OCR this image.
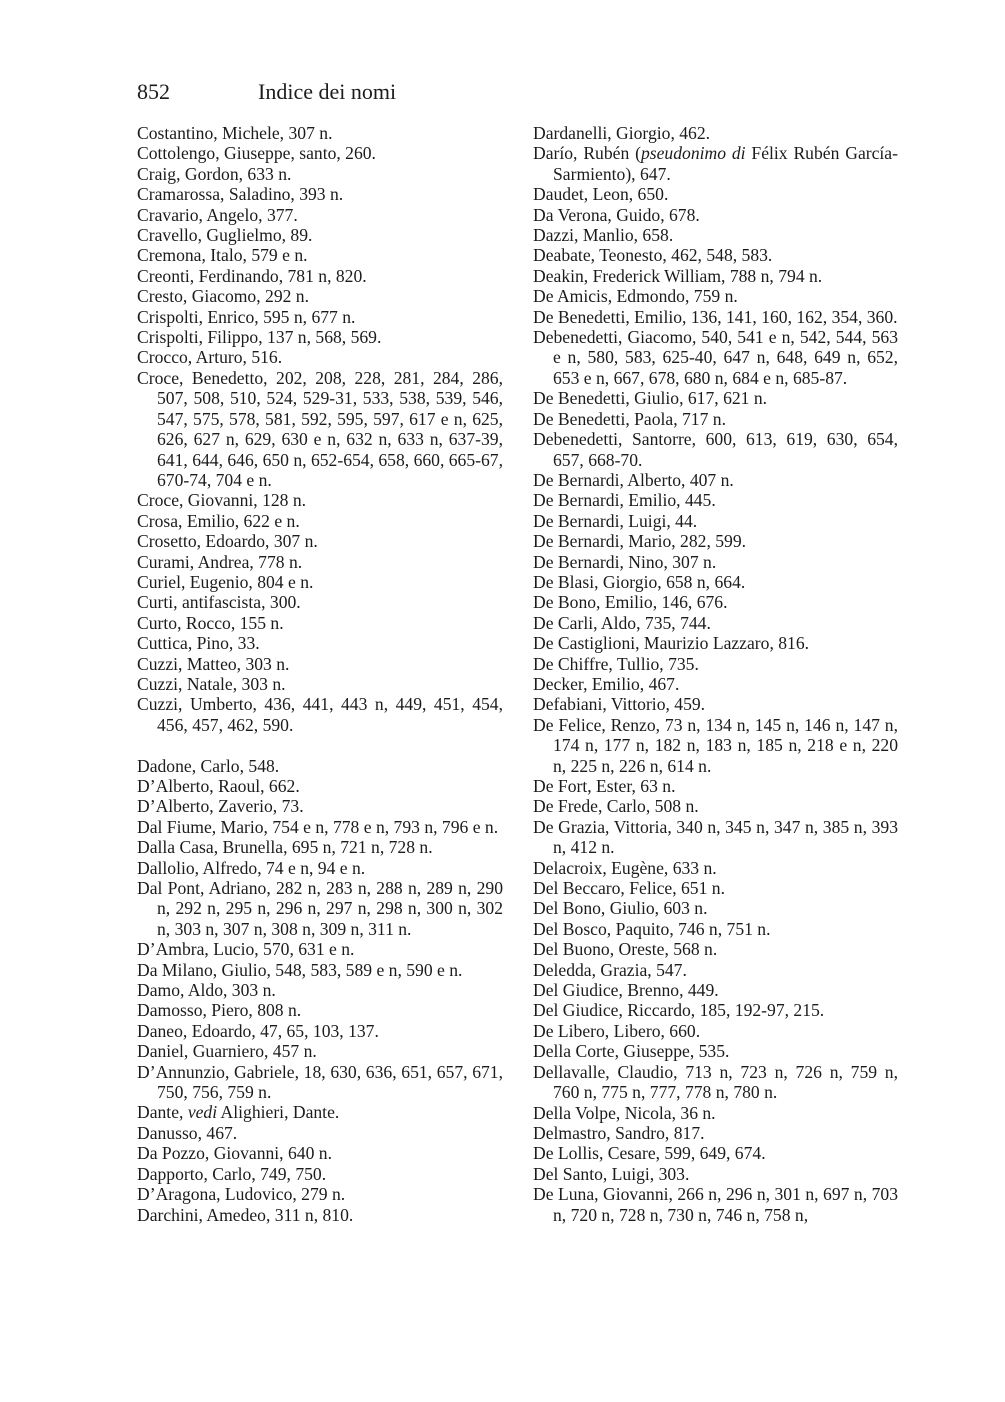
852	Indice dei nomi

Costantino, Michele, 307 n.

Cottolengo, Giuseppe, santo, 260.

Craig, Gordon, 633 n.

Cramarossa, Saladino, 393 n.

Cravario, Angelo, 377.

Cravello, Guglielmo, 89.

Cremona, Italo, 579 e n.

Creonti, Ferdinando, 781 n, 820.

Cresto, Giacomo, 292 n.

Crispolti, Enrico, 595 n, 677 n.

Crispolti, Filippo, 137 n, 568, 569.

Crocco, Arturo, 516.

Croce, Benedetto, 202, 208, 228, 281, 284, 286, 507, 508, 510, 524, 529-31, 533, 538, 539, 546, 547, 575, 578, 581, 592, 595, 597, 617 e n, 625, 626, 627 n, 629, 630 e n, 632 n, 633 n, 637-39, 641, 644, 646, 650 n, 652-654, 658, 660, 665-67, 670-74, 704 e n.

Croce, Giovanni, 128 n.

Crosa, Emilio, 622 e n.

Crosetto, Edoardo, 307 n.

Curami, Andrea, 778 n.

Curiel, Eugenio, 804 e n.

Curti, antifascista, 300.

Curto, Rocco, 155 n.

Cuttica, Pino, 33.

Cuzzi, Matteo, 303 n.

Cuzzi, Natale, 303 n.

Cuzzi, Umberto, 436, 441, 443 n, 449, 451, 454, 456, 457, 462, 590.

Dadone, Carlo, 548.

D’Alberto, Raoul, 662.

D’Alberto, Zaverio, 73.

Dal Fiume, Mario, 754 e n, 778 e n, 793 n, 796 e n.

Dalla Casa, Brunella, 695 n, 721 n, 728 n.

Dallolio, Alfredo, 74 e n, 94 e n.

Dal Pont, Adriano, 282 n, 283 n, 288 n, 289 n, 290 n, 292 n, 295 n, 296 n, 297 n, 298 n, 300 n, 302 n, 303 n, 307 n, 308 n, 309 n, 311 n.

D’Ambra, Lucio, 570, 631 e n.

Da Milano, Giulio, 548, 583, 589 e n, 590 e n.

Damo, Aldo, 303 n.

Damosso, Piero, 808 n.

Daneo, Edoardo, 47, 65, 103, 137.

Daniel, Guarniero, 457 n.

D’Annunzio, Gabriele, 18, 630, 636, 651, 657, 671, 750, 756, 759 n.

Dante, vedi Alighieri, Dante.

Danusso, 467.

Da Pozzo, Giovanni, 640 n.

Dapporto, Carlo, 749, 750.

D’Aragona, Ludovico, 279 n.

Darchini, Amedeo, 311 n, 810.

Dardanelli, Giorgio, 462.

Darío, Rubén (pseudonimo di Félix Rubén García-Sarmiento), 647.

Daudet, Leon, 650.

Da Verona, Guido, 678.

Dazzi, Manlio, 658.

Deabate, Teonesto, 462, 548, 583.

Deakin, Frederick William, 788 n, 794 n.

De Amicis, Edmondo, 759 n.

De Benedetti, Emilio, 136, 141, 160, 162, 354, 360.

Debenedetti, Giacomo, 540, 541 e n, 542, 544, 563 e n, 580, 583, 625-40, 647 n, 648, 649 n, 652, 653 e n, 667, 678, 680 n, 684 e n, 685-87.

De Benedetti, Giulio, 617, 621 n.

De Benedetti, Paola, 717 n.

Debenedetti, Santorre, 600, 613, 619, 630, 654, 657, 668-70.

De Bernardi, Alberto, 407 n.

De Bernardi, Emilio, 445.

De Bernardi, Luigi, 44.

De Bernardi, Mario, 282, 599.

De Bernardi, Nino, 307 n.

De Blasi, Giorgio, 658 n, 664.

De Bono, Emilio, 146, 676.

De Carli, Aldo, 735, 744.

De Castiglioni, Maurizio Lazzaro, 816.

De Chiffre, Tullio, 735.

Decker, Emilio, 467.

Defabiani, Vittorio, 459.

De Felice, Renzo, 73 n, 134 n, 145 n, 146 n, 147 n, 174 n, 177 n, 182 n, 183 n, 185 n, 218 e n, 220 n, 225 n, 226 n, 614 n.

De Fort, Ester, 63 n.

De Frede, Carlo, 508 n.

De Grazia, Vittoria, 340 n, 345 n, 347 n, 385 n, 393 n, 412 n.

Delacroix, Eugène, 633 n.

Del Beccaro, Felice, 651 n.

Del Bono, Giulio, 603 n.

Del Bosco, Paquito, 746 n, 751 n.

Del Buono, Oreste, 568 n.

Deledda, Grazia, 547.

Del Giudice, Brenno, 449.

Del Giudice, Riccardo, 185, 192-97, 215.

De Libero, Libero, 660.

Della Corte, Giuseppe, 535.

Dellavalle, Claudio, 713 n, 723 n, 726 n, 759 n, 760 n, 775 n, 777, 778 n, 780 n.

Della Volpe, Nicola, 36 n.

Delmastro, Sandro, 817.

De Lollis, Cesare, 599, 649, 674.

Del Santo, Luigi, 303.

De Luna, Giovanni, 266 n, 296 n, 301 n, 697 n, 703 n, 720 n, 728 n, 730 n, 746 n, 758 n,
